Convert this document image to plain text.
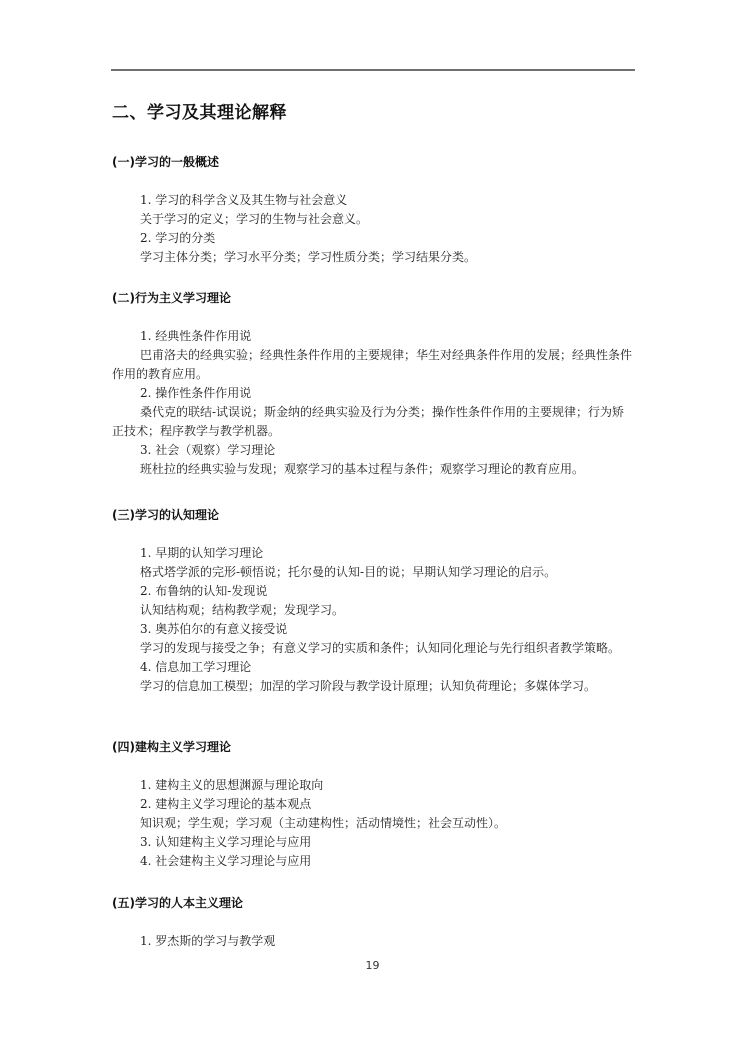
二、学习及其理论解释
(一)学习的一般概述
1. 学习的科学含义及其生物与社会意义
关于学习的定义；学习的生物与社会意义。
2. 学习的分类
学习主体分类；学习水平分类；学习性质分类；学习结果分类。
(二)行为主义学习理论
1. 经典性条件作用说
巴甫洛夫的经典实验；经典性条件作用的主要规律；华生对经典条件作用的发展；经典性条件作用的教育应用。
2. 操作性条件作用说
桑代克的联结-试误说；斯金纳的经典实验及行为分类；操作性条件作用的主要规律；行为矫正技术；程序教学与教学机器。
3. 社会（观察）学习理论
班杜拉的经典实验与发现；观察学习的基本过程与条件；观察学习理论的教育应用。
(三)学习的认知理论
1. 早期的认知学习理论
格式塔学派的完形-顿悟说；托尔曼的认知-目的说；早期认知学习理论的启示。
2. 布鲁纳的认知-发现说
认知结构观；结构教学观；发现学习。
3. 奥苏伯尔的有意义接受说
学习的发现与接受之争；有意义学习的实质和条件；认知同化理论与先行组织者教学策略。
4. 信息加工学习理论
学习的信息加工模型；加涅的学习阶段与教学设计原理；认知负荷理论；多媒体学习。
(四)建构主义学习理论
1. 建构主义的思想渊源与理论取向
2. 建构主义学习理论的基本观点
知识观；学生观；学习观（主动建构性；活动情境性；社会互动性）。
3. 认知建构主义学习理论与应用
4. 社会建构主义学习理论与应用
(五)学习的人本主义理论
1. 罗杰斯的学习与教学观
19
